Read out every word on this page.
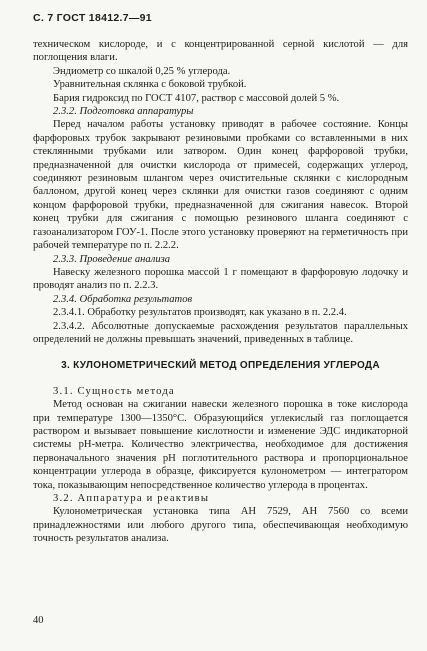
С. 7 ГОСТ 18412.7—91

техническом кислороде, и с концентрированной серной кислотой — для поглощения влаги.

Эндиометр со шкалой 0,25 % углерода.

Уравнительная склянка с боковой трубкой.

Бария гидроксид по ГОСТ 4107, раствор с массовой долей 5 %.

2.3.2. Подготовка аппаратуры

Перед началом работы установку приводят в рабочее состояние. Концы фарфоровых трубок закрывают резиновыми пробками со вставленными в них стеклянными трубками или затвором. Один конец фарфоровой трубки, предназначенной для очистки кислорода от примесей, содержащих углерод, соединяют резиновым шлангом через очистительные склянки с кислородным баллоном, другой конец через склянки для очистки газов соединяют с одним концом фарфоровой трубки, предназначенной для сжигания навесок. Второй конец трубки для сжигания с помощью резинового шланга соединяют с газоанализатором ГОУ-1. После этого установку проверяют на герметичность при рабочей температуре по п. 2.2.2.

2.3.3. Проведение анализа

Навеску железного порошка массой 1 г помещают в фарфоровую лодочку и проводят анализ по п. 2.2.3.

2.3.4. Обработка результатов

2.3.4.1. Обработку результатов производят, как указано в п. 2.2.4.

2.3.4.2. Абсолютные допускаемые расхождения результатов параллельных определений не должны превышать значений, приведенных в таблице.

3. КУЛОНОМЕТРИЧЕСКИЙ МЕТОД ОПРЕДЕЛЕНИЯ УГЛЕРОДА

3.1. Сущность метода

Метод основан на сжигании навески железного порошка в токе кислорода при температуре 1300—1350°С. Образующийся углекислый газ поглощается раствором и вызывает повышение кислотности и изменение ЭДС индикаторной системы pH-метра. Количество электричества, необходимое для достижения первоначального значения pH поглотительного раствора и пропорциональное концентрации углерода в образце, фиксируется кулонометром — интегратором тока, показывающим непосредственное количество углерода в процентах.

3.2. Аппаратура и реактивы

Кулонометрическая установка типа АН 7529, АН 7560 со всеми принадлежностями или любого другого типа, обеспечивающая необходимую точность результатов анализа.

40
